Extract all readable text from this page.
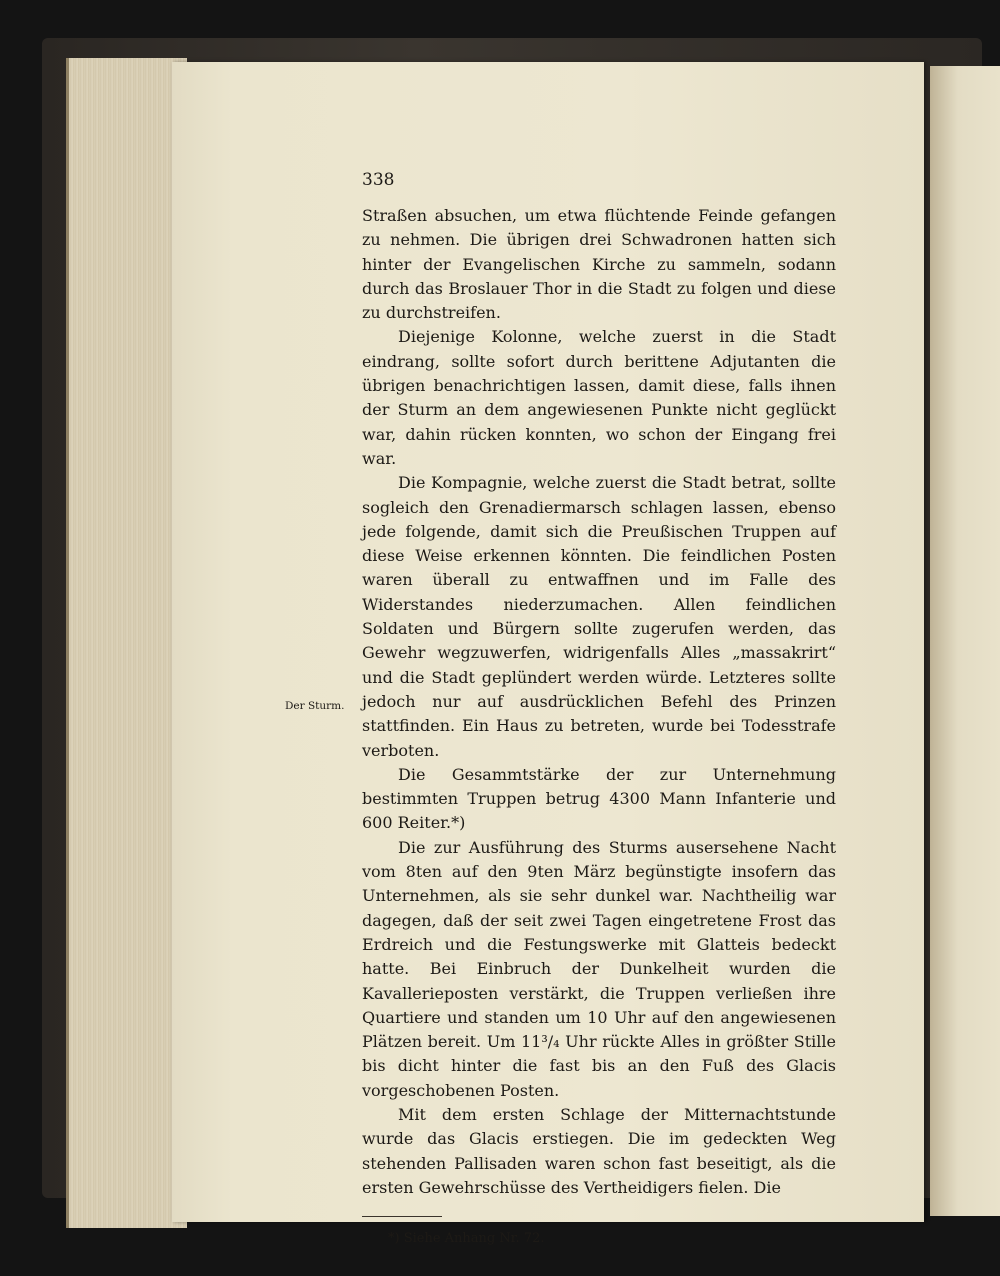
Der Sturm.
338

Straßen absuchen, um etwa flüchtende Feinde gefangen zu nehmen. Die übrigen drei Schwadronen hatten sich hinter der Evangelischen Kirche zu sammeln, sodann durch das Broslauer Thor in die Stadt zu folgen und diese zu durchstreifen.

Diejenige Kolonne, welche zuerst in die Stadt eindrang, sollte sofort durch berittene Adjutanten die übrigen benachrichtigen lassen, damit diese, falls ihnen der Sturm an dem angewiesenen Punkte nicht geglückt war, dahin rücken konnten, wo schon der Eingang frei war.

Die Kompagnie, welche zuerst die Stadt betrat, sollte sogleich den Grenadiermarsch schlagen lassen, ebenso jede folgende, damit sich die Preußischen Truppen auf diese Weise erkennen könnten. Die feindlichen Posten waren überall zu entwaffnen und im Falle des Widerstandes niederzumachen. Allen feindlichen Soldaten und Bürgern sollte zugerufen werden, das Gewehr wegzuwerfen, widrigenfalls Alles „massakrirt“ und die Stadt geplündert werden würde. Letzteres sollte jedoch nur auf ausdrücklichen Befehl des Prinzen stattfinden. Ein Haus zu betreten, wurde bei Todesstrafe verboten.

Die Gesammtstärke der zur Unternehmung bestimmten Truppen betrug 4300 Mann Infanterie und 600 Reiter.*)

Die zur Ausführung des Sturms ausersehene Nacht vom 8ten auf den 9ten März begünstigte insofern das Unternehmen, als sie sehr dunkel war. Nachtheilig war dagegen, daß der seit zwei Tagen eingetretene Frost das Erdreich und die Festungswerke mit Glatteis bedeckt hatte. Bei Einbruch der Dunkelheit wurden die Kavallerieposten verstärkt, die Truppen verließen ihre Quartiere und standen um 10 Uhr auf den angewiesenen Plätzen bereit. Um 11³/₄ Uhr rückte Alles in größter Stille bis dicht hinter die fast bis an den Fuß des Glacis vorgeschobenen Posten.

Mit dem ersten Schlage der Mitternachtstunde wurde das Glacis erstiegen. Die im gedeckten Weg stehenden Pallisaden waren schon fast beseitigt, als die ersten Gewehrschüsse des Vertheidigers fielen. Die

*) Siehe Anhang Nr. 72.
